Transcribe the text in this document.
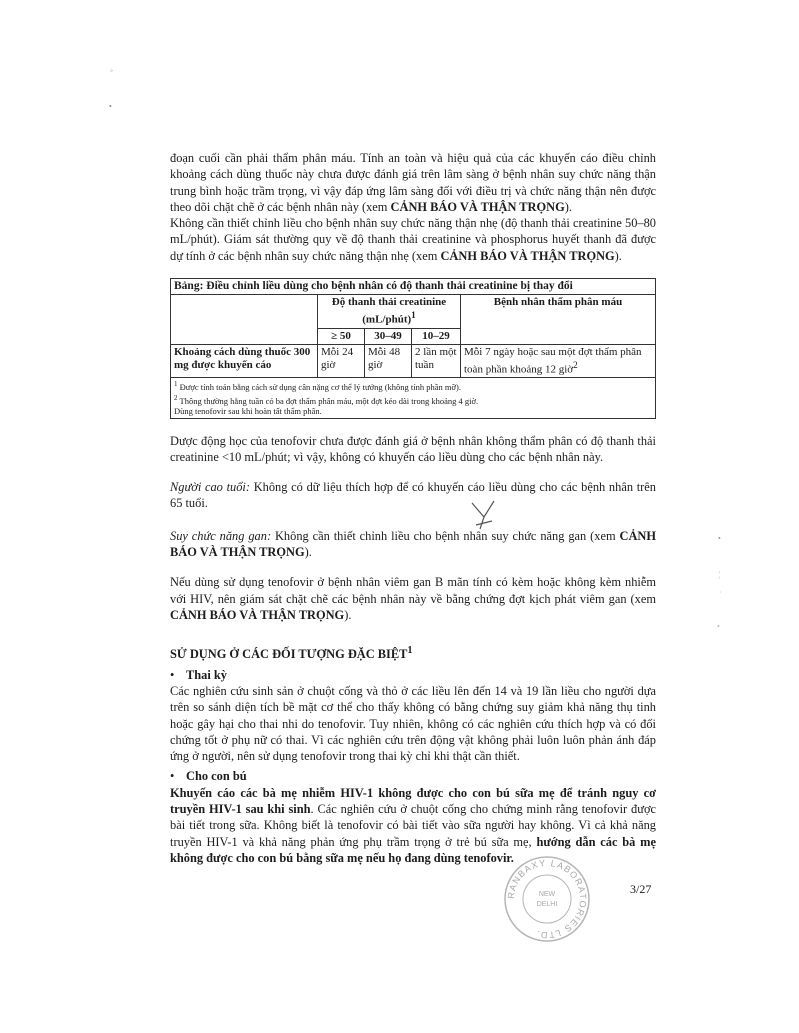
◦
•
•
¦
·
•

đoạn cuối cần phải thẩm phân máu. Tính an toàn và hiệu quả của các khuyến cáo điều chỉnh khoảng cách dùng thuốc này chưa được đánh giá trên lâm sàng ở bệnh nhân suy chức năng thận trung bình hoặc trầm trọng, vì vậy đáp ứng lâm sàng đối với điều trị và chức năng thận nên được theo dõi chặt chẽ ở các bệnh nhân này (xem CẢNH BÁO VÀ THẬN TRỌNG).

Không cần thiết chỉnh liều cho bệnh nhân suy chức năng thận nhẹ (độ thanh thải creatinine 50–80 mL/phút). Giám sát thường quy về độ thanh thải creatinine và phosphorus huyết thanh đã được dự tính ở các bệnh nhân suy chức năng thận nhẹ (xem CẢNH BÁO VÀ THẬN TRỌNG).

Bảng: Điều chỉnh liều dùng cho bệnh nhân có độ thanh thải creatinine bị thay đổi				
	Độ thanh thải creatinine (mL/phút)$^1$			Bệnh nhân thẩm phân máu
	≥ 50	30–49	10–29	
Khoảng cách dùng thuốc 300 mg được khuyến cáo	Mỗi 24 giờ	Mỗi 48 giờ	2 lần một tuần	Mỗi 7 ngày hoặc sau một đợt thẩm phân toàn phần khoảng 12 giờ$^2$

$^1$ Được tính toán bằng cách sử dụng cân nặng cơ thể lý tưởng (không tính phần mỡ).
$^2$ Thông thường hằng tuần có ba đợt thẩm phân máu, một đợt kéo dài trong khoảng 4 giờ.
Dùng tenofovir sau khi hoàn tất thẩm phân.				

Dược động học của tenofovir chưa được đánh giá ở bệnh nhân không thẩm phân có độ thanh thải creatinine <10 mL/phút; vì vậy, không có khuyến cáo liều dùng cho các bệnh nhân này.

Người cao tuổi: Không có dữ liệu thích hợp để có khuyến cáo liều dùng cho các bệnh nhân trên 65 tuổi.

Suy chức năng gan: Không cần thiết chỉnh liều cho bệnh nhân suy chức năng gan (xem CẢNH BÁO VÀ THẬN TRỌNG).

Nếu dùng sử dụng tenofovir ở bệnh nhân viêm gan B mãn tính có kèm hoặc không kèm nhiễm với HIV, nên giám sát chặt chẽ các bệnh nhân này về bằng chứng đợt kịch phát viêm gan (xem CẢNH BÁO VÀ THẬN TRỌNG).

SỬ DỤNG Ở CÁC ĐỐI TƯỢNG ĐẶC BIỆT$^1$
• Thai kỳ

Các nghiên cứu sinh sản ở chuột cống và thỏ ở các liều lên đến 14 và 19 lần liều cho người dựa trên so sánh diện tích bề mặt cơ thể cho thấy không có bằng chứng suy giảm khả năng thụ tinh hoặc gây hại cho thai nhi do tenofovir. Tuy nhiên, không có các nghiên cứu thích hợp và có đối chứng tốt ở phụ nữ có thai. Vì các nghiên cứu trên động vật không phải luôn luôn phản ánh đáp ứng ở người, nên sử dụng tenofovir trong thai kỳ chỉ khi thật cần thiết.

• Cho con bú

Khuyến cáo các bà mẹ nhiễm HIV-1 không được cho con bú sữa mẹ để tránh nguy cơ truyền HIV-1 sau khi sinh. Các nghiên cứu ở chuột cống cho chứng minh rằng tenofovir được bài tiết trong sữa. Không biết là tenofovir có bài tiết vào sữa người hay không. Vì cả khả năng truyền HIV-1 và khả năng phản ứng phụ trầm trọng ở trẻ bú sữa mẹ, hướng dẫn các bà mẹ không được cho con bú bằng sữa mẹ nếu họ đang dùng tenofovir.

RANBAXY LABORATORIES LTD.
NEW
DELHI
3/27
